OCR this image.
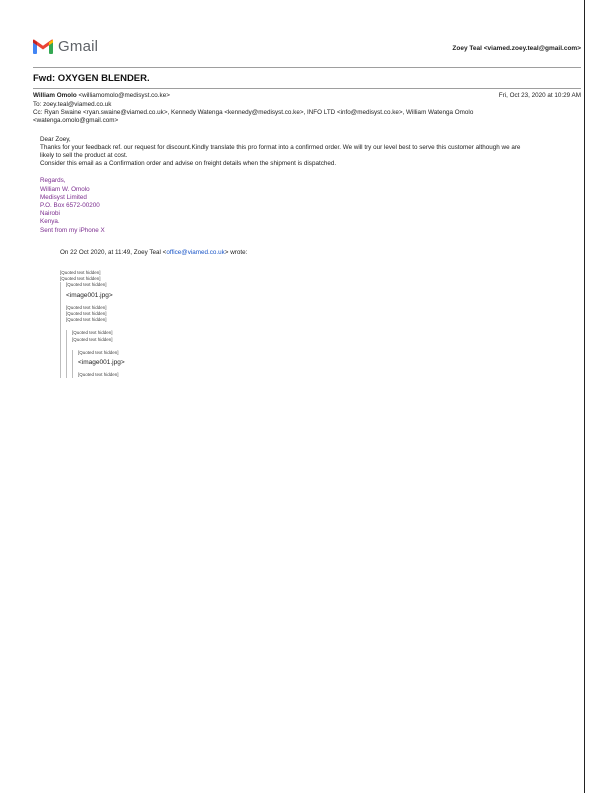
Gmail	Zoey Teal <viamed.zoey.teal@gmail.com>
Fwd: OXYGEN BLENDER.
William Omolo <williamomolo@medisyst.co.ke>	Fri, Oct 23, 2020 at 10:29 AM
To: zoey.teal@viamed.co.uk
Cc: Ryan Swaine <ryan.swaine@viamed.co.uk>, Kennedy Watenga <kennedy@medisyst.co.ke>, INFO LTD <info@medisyst.co.ke>, William Watenga Omolo
<watenga.omolo@gmail.com>
Dear Zoey,
Thanks for your feedback ref. our request for discount.Kindly translate this pro format into a confirmed order. We will try our level best to serve this customer although we are
likely to sell the product at cost.
Consider this email as a Confirmation order and advise on freight details when the shipment is dispatched.
Regards,
William W. Omolo
Medisyst Limited
P.O. Box 6572-00200
Nairobi
Kenya.
Sent from my iPhone X
On 22 Oct 2020, at 11:49, Zoey Teal <office@viamed.co.uk> wrote:
[Quoted text hidden]
[Quoted text hidden]
[Quoted text hidden]
<image001.jpg>
[Quoted text hidden]
[Quoted text hidden]
[Quoted text hidden]
[Quoted text hidden]
[Quoted text hidden]
[Quoted text hidden]
<image001.jpg>
[Quoted text hidden]
